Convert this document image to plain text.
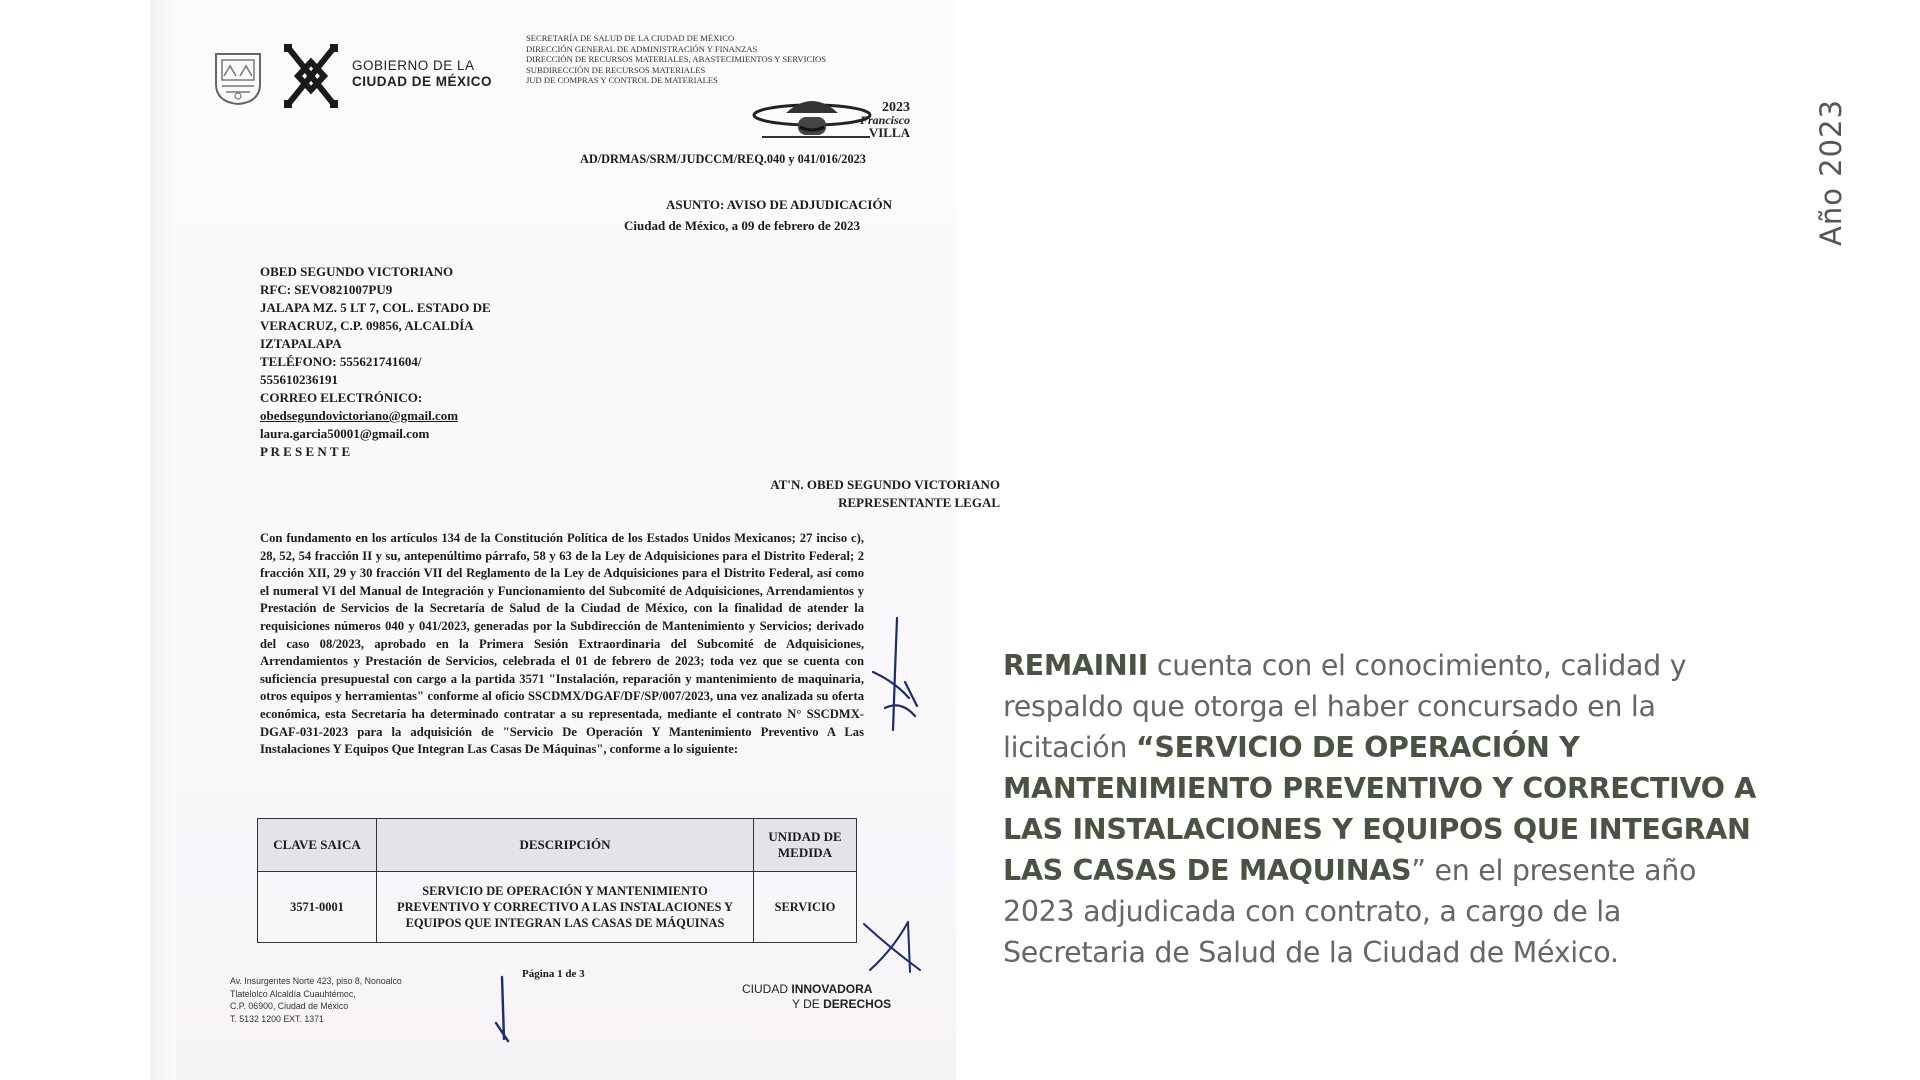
GOBIERNO DE LA
CIUDAD DE MÉXICO
SECRETARÍA DE SALUD DE LA CIUDAD DE MÉXICO
DIRECCIÓN GENERAL DE ADMINISTRACIÓN Y FINANZAS
DIRECCIÓN DE RECURSOS MATERIALES, ABASTECIMIENTOS Y SERVICIOS
SUBDIRECCIÓN DE RECURSOS MATERIALES
JUD DE COMPRAS Y CONTROL DE MATERIALES
2023
Francisco
VILLA
AD/DRMAS/SRM/JUDCCM/REQ.040 y 041/016/2023
ASUNTO: AVISO DE ADJUDICACIÓN
Ciudad de México, a 09 de febrero de 2023
OBED SEGUNDO VICTORIANO
RFC: SEVO821007PU9
JALAPA MZ. 5 LT 7, COL. ESTADO DE
VERACRUZ, C.P. 09856, ALCALDÍA
IZTAPALAPA
TELÉFONO: 555621741604/
555610236191
CORREO ELECTRÓNICO:
obedsegundovictoriano@gmail.com
laura.garcia50001@gmail.com
P R E S E N T E
AT'N. OBED SEGUNDO VICTORIANO
REPRESENTANTE LEGAL
Con fundamento en los artículos 134 de la Constitución Política de los Estados Unidos Mexicanos; 27 inciso c), 28, 52, 54 fracción II y su, antepenúltimo párrafo, 58 y 63 de la Ley de Adquisiciones para el Distrito Federal; 2 fracción XII, 29 y 30 fracción VII del Reglamento de la Ley de Adquisiciones para el Distrito Federal, así como el numeral VI del Manual de Integración y Funcionamiento del Subcomité de Adquisiciones, Arrendamientos y Prestación de Servicios de la Secretaría de Salud de la Ciudad de México, con la finalidad de atender la requisiciones números 040 y 041/2023, generadas por la Subdirección de Mantenimiento y Servicios; derivado del caso 08/2023, aprobado en la Primera Sesión Extraordinaria del Subcomité de Adquisiciones, Arrendamientos y Prestación de Servicios, celebrada el 01 de febrero de 2023; toda vez que se cuenta con suficiencia presupuestal con cargo a la partida 3571 "Instalación, reparación y mantenimiento de maquinaria, otros equipos y herramientas" conforme al oficio SSCDMX/DGAF/DF/SP/007/2023, una vez analizada su oferta económica, esta Secretaría ha determinado contratar a su representada, mediante el contrato N° SSCDMX-DGAF-031-2023 para la adquisición de "Servicio De Operación Y Mantenimiento Preventivo A Las Instalaciones Y Equipos Que Integran Las Casas De Máquinas", conforme a lo siguiente:
CLAVE SAICA	DESCRIPCIÓN	UNIDAD DE MEDIDA
3571-0001	SERVICIO DE OPERACIÓN Y MANTENIMIENTO PREVENTIVO Y CORRECTIVO A LAS INSTALACIONES Y EQUIPOS QUE INTEGRAN LAS CASAS DE MÁQUINAS	SERVICIO
Av. Insurgentes Norte 423, piso 8, Nonoalco
Tlatelolco Alcaldía Cuauhtémoc,
C.P. 06900, Ciudad de México
T. 5132 1200 EXT. 1371
Página 1 de 3
CIUDAD INNOVADORA
Y DE DERECHOS
Año 2023
REMAINII cuenta con el conocimiento, calidad y respaldo que otorga el haber concursado en la licitación “SERVICIO DE OPERACIÓN Y MANTENIMIENTO PREVENTIVO Y CORRECTIVO A LAS INSTALACIONES Y EQUIPOS QUE INTEGRAN LAS CASAS DE MAQUINAS” en el presente año 2023 adjudicada con contrato, a cargo de la Secretaria de Salud de la Ciudad de México.
